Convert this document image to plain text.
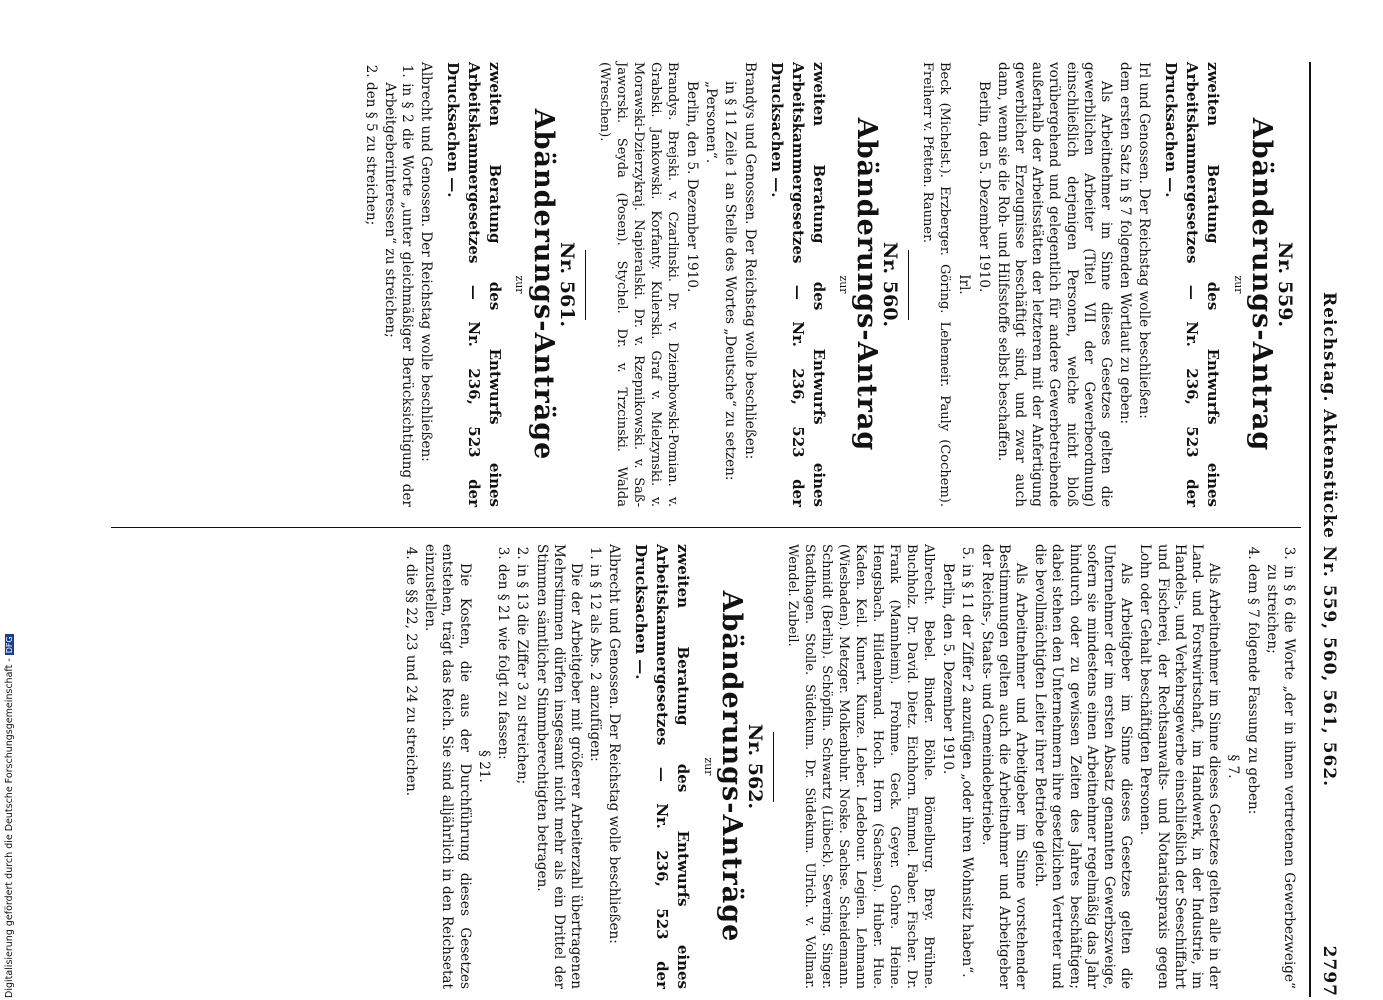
Reichstag. Aktenstücke Nr. 559, 560, 561, 562.
2797
Nr. 559.
Abänderungs-Antrag
zur
zweiten Beratung des Entwurfs eines Arbeitskammergesetzes — Nr. 236, 523 der Drucksachen —.

Irl und Genossen. Der Reichstag wolle beschließen:

dem ersten Satz in § 7 folgenden Wortlaut zu geben:

Als Arbeitnehmer im Sinne dieses Gesetzes gelten die gewerblichen Arbeiter (Titel VII der Gewerbeordnung) einschließlich derjenigen Personen, welche nicht bloß vorübergehend und gelegentlich für andere Gewerbetreibende außerhalb der Arbeitsstätten der letzteren mit der Anfertigung gewerblicher Erzeugnisse beschäftigt sind, und zwar auch dann, wenn sie die Roh- und Hilfsstoffe selbst beschaffen.

Berlin, den 5. Dezember 1910.

Irl.

Beck (Michelst.). Erzberger. Göring. Lehemeir. Pauly (Cochem). Freiherr v. Pfetten. Rauner.

Nr. 560.
Abänderungs-Antrag
zur
zweiten Beratung des Entwurfs eines Arbeitskammergesetzes — Nr. 236, 523 der Drucksachen —.

Brandys und Genossen. Der Reichstag wolle beschließen:

in § 11 Zeile 1 an Stelle des Wortes „Deutsche“ zu setzen:

„Personen“.

Berlin, den 5. Dezember 1910.

Brandys. Brejski. v. Czarlinski. Dr. v. Dziembowski-Pomian. v. Grabski. Jankowski. Korfanty. Kulerski. Graf v. Mielzynski. v. Morawski-Dzierzykraj. Napieralski. Dr. v. Rzepnikowski. v. Saß-Jaworski. Seyda (Posen). Stychel. Dr. v. Trzcinski. Walda (Wreschen).

Nr. 561.
Abänderungs-Anträge
zur
zweiten Beratung des Entwurfs eines Arbeitskammergesetzes — Nr. 236, 523 der Drucksachen —.

Albrecht und Genossen. Der Reichstag wolle beschließen:

1. in § 2 die Worte „unter gleichmäßiger Berücksichtigung der Arbeitgeberinteressen“ zu streichen;

2. den § 5 zu streichen;

3. in § 6 die Worte „der in ihnen vertretenen Gewerbezweige“ zu streichen;

4. dem § 7 folgende Fassung zu geben:

§ 7.

Als Arbeitnehmer im Sinne dieses Gesetzes gelten alle in der Land- und Forstwirtschaft, im Handwerk, in der Industrie, im Handels-, und Verkehrsgewerbe einschließlich der Seeschiffahrt und Fischerei, der Rechtsanwalts- und Notariatspraxis gegen Lohn oder Gehalt beschäftigten Personen.

Als Arbeitgeber im Sinne dieses Gesetzes gelten die Unternehmer der im ersten Absatz genannten Gewerbszweige, sofern sie mindestens einen Arbeitnehmer regelmäßig das Jahr hindurch oder zu gewissen Zeiten des Jahres beschäftigen; dabei stehen den Unternehmern ihre gesetzlichen Vertreter und die bevollmächtigten Leiter ihrer Betriebe gleich.

Als Arbeitnehmer und Arbeitgeber im Sinne vorstehender Bestimmungen gelten auch die Arbeitnehmer und Arbeitgeber der Reichs-, Staats- und Gemeindebetriebe.

5. in § 11 der Ziffer 2 anzufügen „oder ihren Wohnsitz haben“.

Berlin, den 5. Dezember 1910.

Albrecht. Bebel. Binder. Böhle. Bömelburg. Brey. Brühne. Buchholz. Dr. David. Dietz. Eichhorn. Emmel. Faber. Fischer. Dr. Frank (Mannheim). Frohme. Geck. Geyer. Gohre. Heine. Hengsbach. Hildenbrand. Hoch. Horn (Sachsen). Huber. Hue. Kaden. Keil. Kunert. Kunze. Leber. Ledebour. Legien. Lehmann (Wiesbaden). Metzger. Molkenbuhr. Noske. Sachse. Scheidemann. Schmidt (Berlin). Schöpflin. Schwartz (Lübeck). Severing. Singer. Stadthagen. Stolle. Südekum. Dr. Südekum. Ulrich. v. Vollmar. Wendel. Zubeil.

Nr. 562.
Abänderungs-Anträge
zur
zweiten Beratung des Entwurfs eines Arbeitskammergesetzes — Nr. 236, 523 der Drucksachen —.

Albrecht und Genossen. Der Reichstag wolle beschließen:

1. in § 12 als Abs. 2 anzufügen:

Die der Arbeitgeber mit größerer Arbeiterzahl übertragenen Mehrstimmen dürfen insgesamt nicht mehr als ein Drittel der Stimmen sämtlicher Stimmberechtigten betragen.

2. in § 13 die Ziffer 3 zu streichen;

3. den § 21 wie folgt zu fassen:

§ 21.

Die Kosten, die aus der Durchführung dieses Gesetzes entstehen, trägt das Reich. Sie sind alljährlich in den Reichsetat einzustellen.

4. die §§ 22, 23 und 24 zu streichen.

Digitalisierung gefördert durch die Deutsche Forschungsgemeinschaft -DFG
